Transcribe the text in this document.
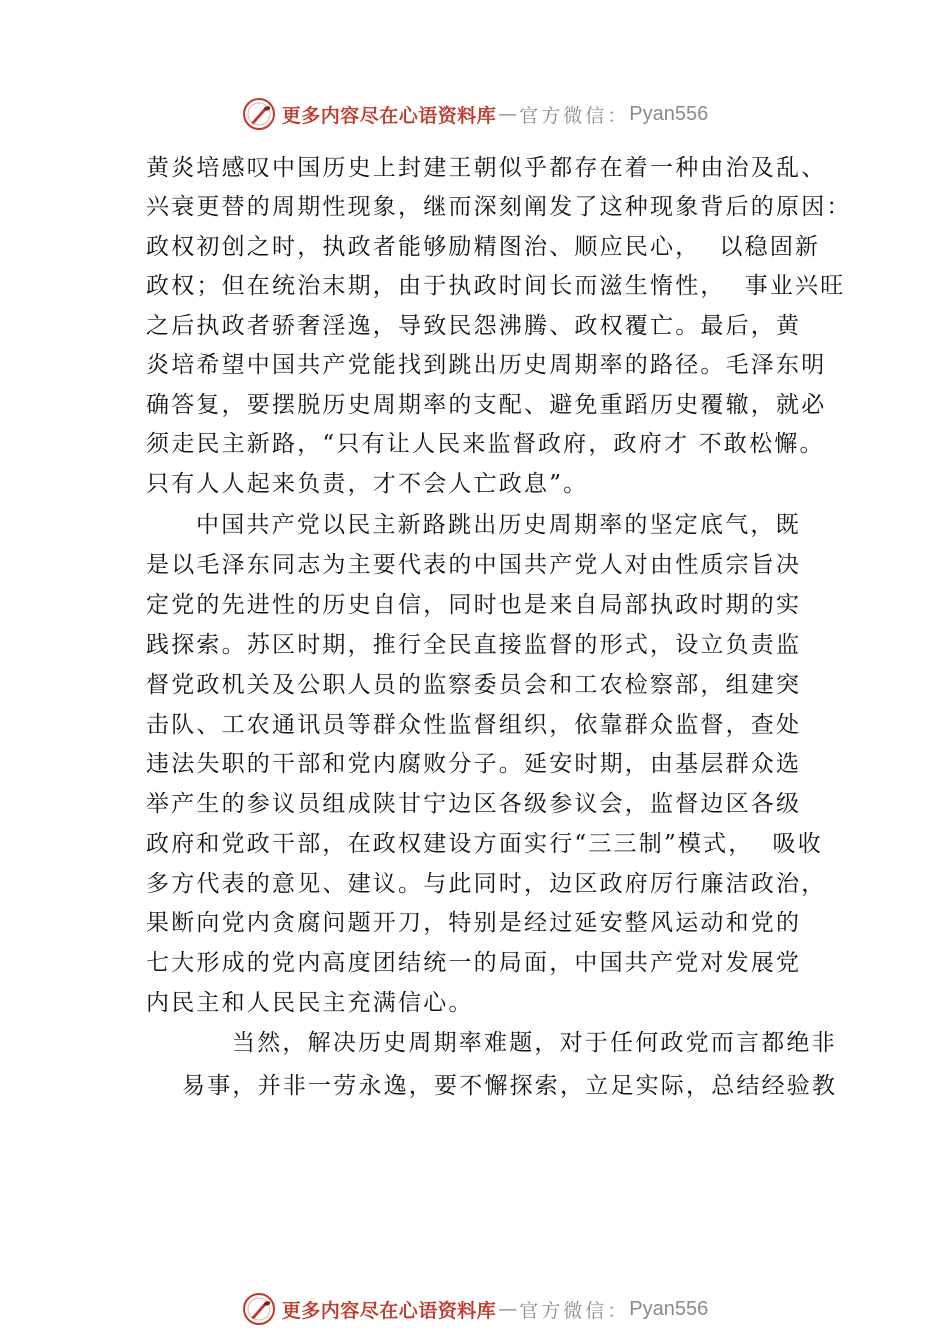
更多内容尽在心语资料库 — 官方微信： Pyan556
黄炎培感叹中国历史上封建王朝似乎都存在着一种由治及乱、
兴衰更替的周期性现象，继而深刻阐发了这种现象背后的原因：
政权初创之时，执政者能够励精图治、顺应民心，  以稳固新
政权；但在统治末期，由于执政时间长而滋生惰性，  事业兴旺
之后执政者骄奢淫逸，导致民怨沸腾、政权覆亡。最后，黄
炎培希望中国共产党能找到跳出历史周期率的路径。毛泽东明
确答复，要摆脱历史周期率的支配、避免重蹈历史覆辙，就必
须走民主新路，“只有让人民来监督政府，政府才 不敢松懈。
只有人人起来负责，才不会人亡政息”。
中国共产党以民主新路跳出历史周期率的坚定底气，既
是以毛泽东同志为主要代表的中国共产党人对由性质宗旨决
定党的先进性的历史自信，同时也是来自局部执政时期的实
践探索。苏区时期，推行全民直接监督的形式，设立负责监
督党政机关及公职人员的监察委员会和工农检察部，组建突
击队、工农通讯员等群众性监督组织，依靠群众监督，查处
违法失职的干部和党内腐败分子。延安时期，由基层群众选
举产生的参议员组成陕甘宁边区各级参议会，监督边区各级
政府和党政干部，在政权建设方面实行“三三制”模式，  吸收
多方代表的意见、建议。与此同时，边区政府厉行廉洁政治，
果断向党内贪腐问题开刀，特别是经过延安整风运动和党的
七大形成的党内高度团结统一的局面，中国共产党对发展党
内民主和人民民主充满信心。
当然，解决历史周期率难题，对于任何政党而言都绝非
易事，并非一劳永逸，要不懈探索，立足实际，总结经验教
更多内容尽在心语资料库 — 官方微信： Pyan556
